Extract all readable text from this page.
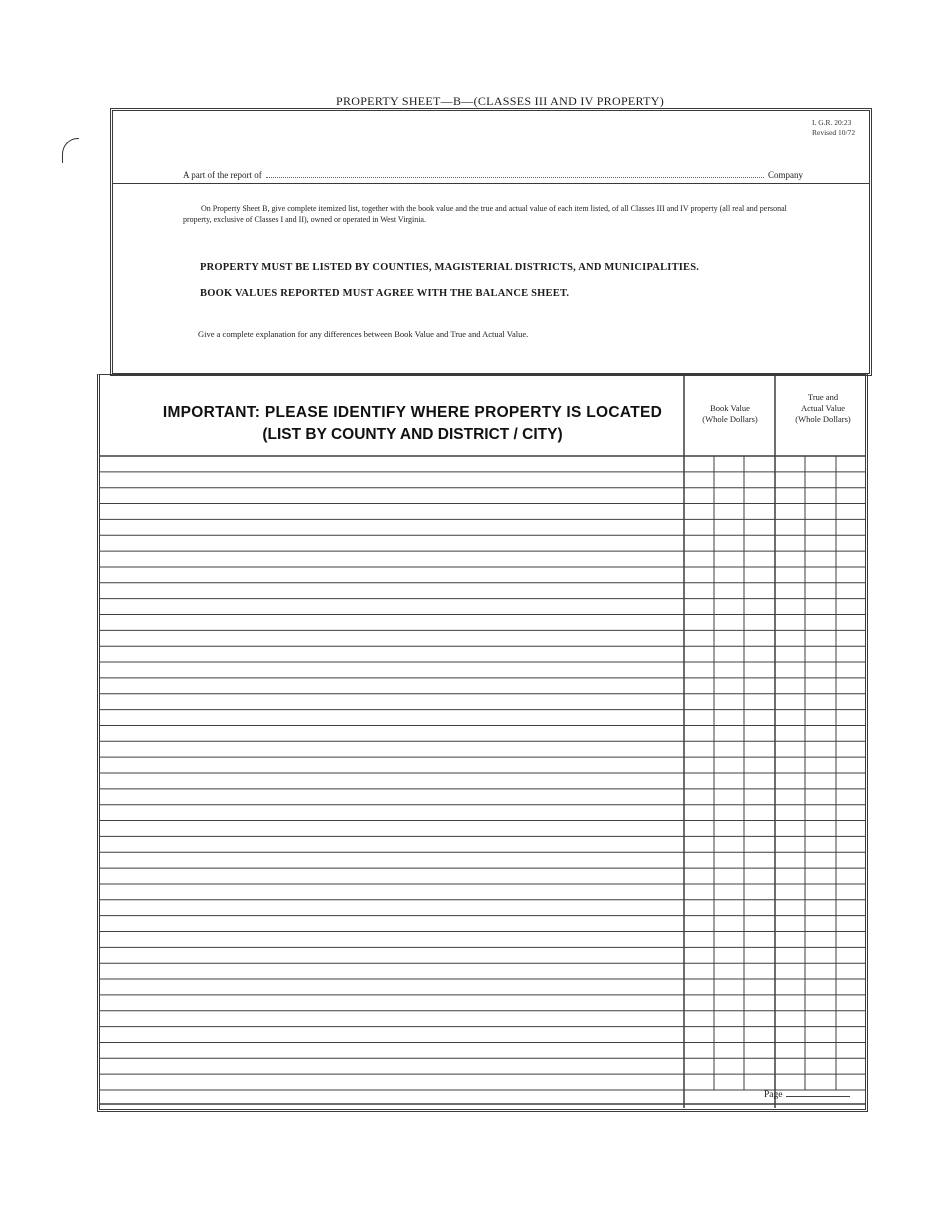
PROPERTY SHEET—B—(CLASSES III AND IV PROPERTY)
I. G.R. 20:23
Revised 10/72
A part of the report of	Company
On Property Sheet B, give complete itemized list, together with the book value and the true and actual value of each item listed, of all Classes III and IV property (all real and personal property, exclusive of Classes I and II), owned or operated in West Virginia.
PROPERTY MUST BE LISTED BY COUNTIES, MAGISTERIAL DISTRICTS, AND MUNICIPALITIES.
BOOK VALUES REPORTED MUST AGREE WITH THE BALANCE SHEET.
Give a complete explanation for any differences between Book Value and True and Actual Value.
IMPORTANT: PLEASE IDENTIFY WHERE PROPERTY IS LOCATED
(LIST BY COUNTY AND DISTRICT / CITY)
Book Value
(Whole Dollars)
True and
Actual Value
(Whole Dollars)
Page
